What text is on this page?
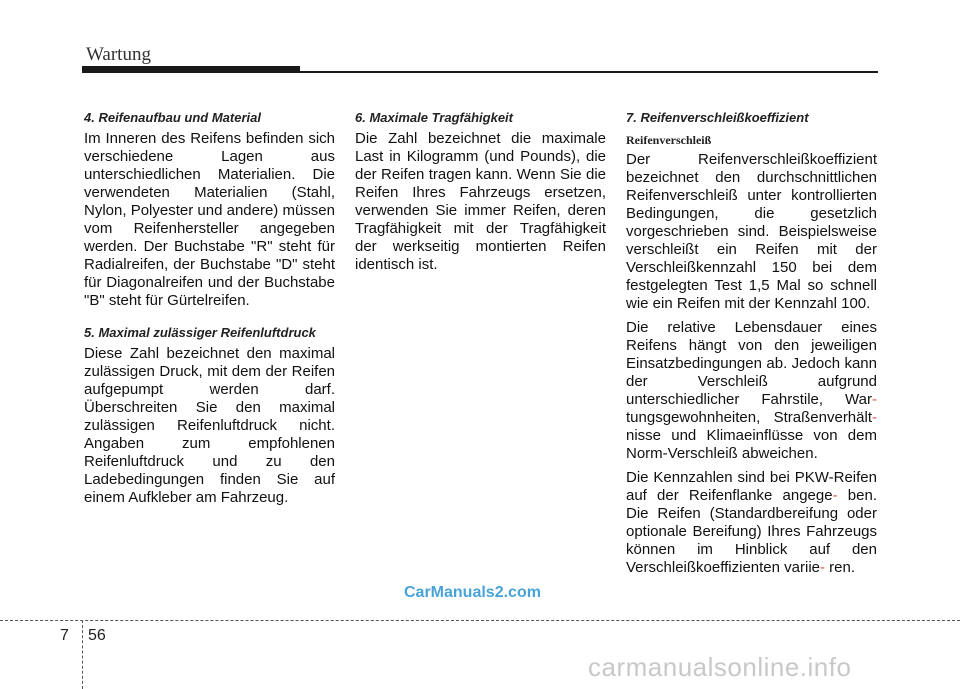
Wartung
4. Reifenaufbau und Material

Im Inneren des Reifens befinden sich verschiedene Lagen aus unterschiedlichen Materialien. Die verwendeten Materialien (Stahl, Nylon, Polyester und andere) müssen vom Reifenhersteller angegeben werden. Der Buchstabe "R" steht für Radialreifen, der Buchstabe "D" steht für Diagonalreifen und der Buchstabe "B" steht für Gürtelreifen.

5. Maximal zulässiger Reifenluftdruck

Diese Zahl bezeichnet den maximal zulässigen Druck, mit dem der Reifen aufgepumpt werden darf. Überschreiten Sie den maximal zulässigen Reifenluftdruck nicht. Angaben zum empfohlenen Reifenluftdruck und zu den Ladebedingungen finden Sie auf einem Aufkleber am Fahrzeug.

6. Maximale Tragfähigkeit

Die Zahl bezeichnet die maximale Last in Kilogramm (und Pounds), die der Reifen tragen kann. Wenn Sie die Reifen Ihres Fahrzeugs ersetzen, verwenden Sie immer Reifen, deren Tragfähigkeit mit der Tragfähigkeit der werkseitig montierten Reifen identisch ist.

7. Reifenverschleißkoeffizient
Reifenverschleiß

Der Reifenverschleißkoeffizient bezeichnet den durchschnittlichen Reifenverschleiß unter kontrollierten Bedingungen, die gesetzlich vorgeschrieben sind. Beispielsweise verschleißt ein Reifen mit der Verschleißkennzahl 150 bei dem festgelegten Test 1,5 Mal so schnell wie ein Reifen mit der Kennzahl 100.

Die relative Lebensdauer eines Reifens hängt von den jeweiligen Einsatzbedingungen ab. Jedoch kann der Verschleiß aufgrund unterschiedlicher Fahrstile, War- tungsgewohnheiten, Straßenverhält- nisse und Klimaeinflüsse von dem Norm-Verschleiß abweichen.

Die Kennzahlen sind bei PKW-Reifen auf der Reifenflanke angege- ben. Die Reifen (Standardbereifung oder optionale Bereifung) Ihres Fahrzeugs können im Hinblick auf den Verschleißkoeffizienten variie- ren.

CarManuals2.com
7 56
carmanualsonline.info
